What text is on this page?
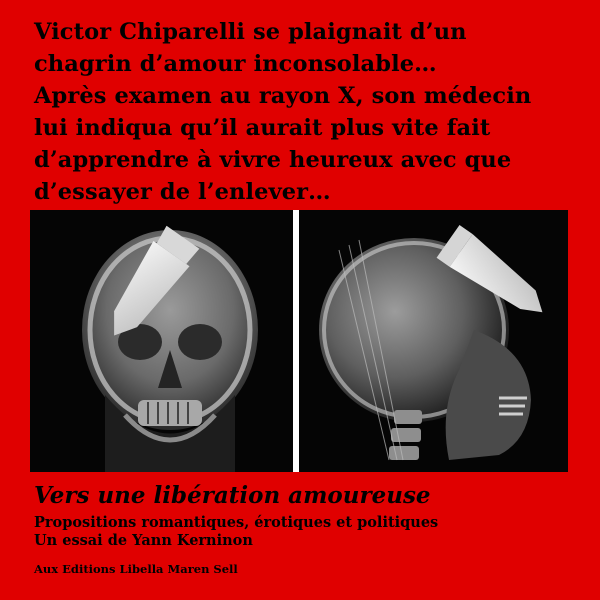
Victor Chiparelli se plaignait d’un
chagrin d’amour inconsolable…
Après examen au rayon X, son médecin
lui indiqua qu’il aurait plus vite fait
d’apprendre à vivre heureux avec que
d’essayer de l’enlever…
Vers une libération amoureuse
Propositions romantiques, érotiques et politiques
Un essai de Yann Kerninon
Aux Editions Libella Maren Sell
